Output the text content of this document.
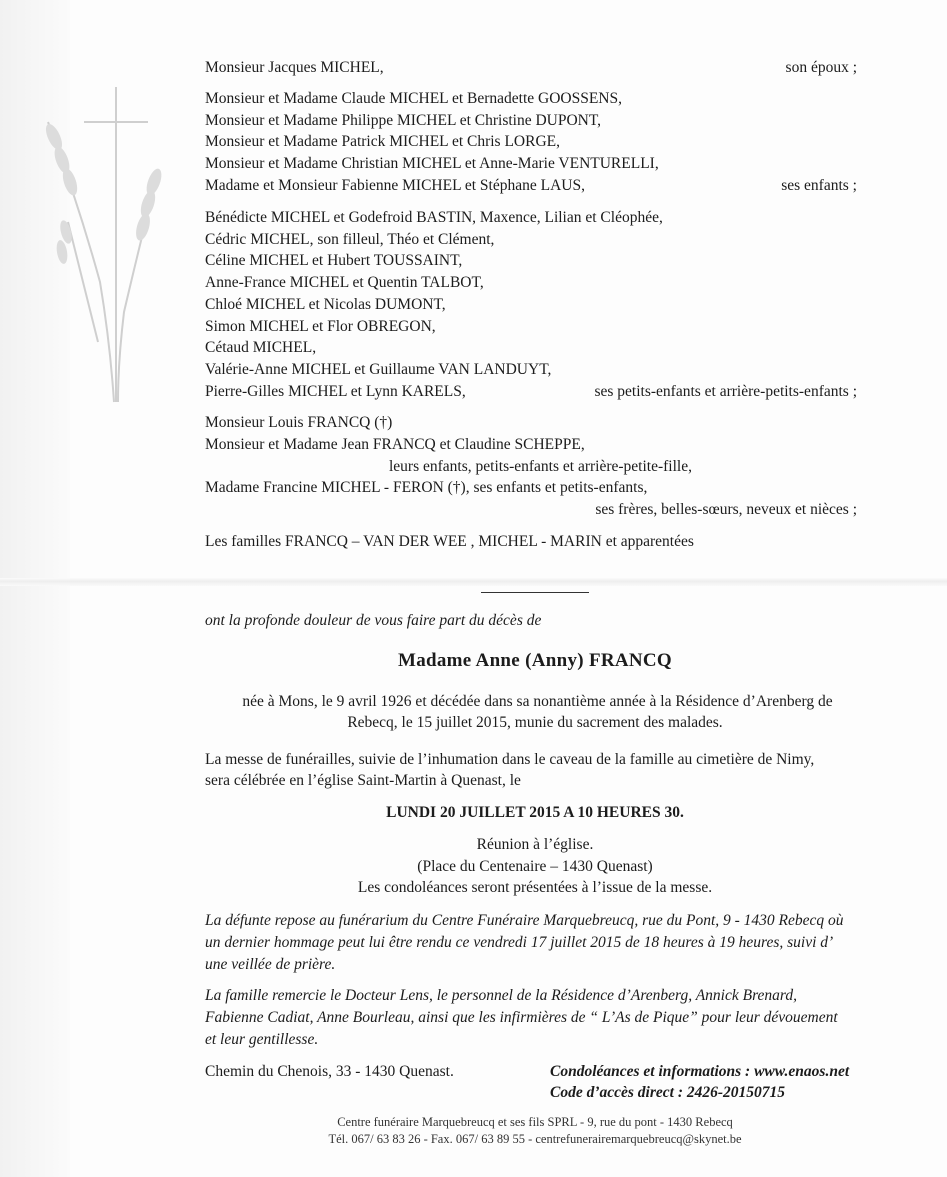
Monsieur Jacques MICHEL,	son époux ;
Monsieur et Madame Claude MICHEL et Bernadette GOOSSENS,
Monsieur et Madame Philippe MICHEL et Christine DUPONT,
Monsieur et Madame Patrick MICHEL et Chris LORGE,
Monsieur et Madame Christian MICHEL et Anne-Marie VENTURELLI,
Madame et Monsieur Fabienne MICHEL et Stéphane LAUS,	ses enfants ;
Bénédicte MICHEL et Godefroid BASTIN, Maxence, Lilian et Cléophée,
Cédric MICHEL, son filleul, Théo et Clément,
Céline MICHEL et Hubert TOUSSAINT,
Anne-France MICHEL et Quentin TALBOT,
Chloé MICHEL et Nicolas DUMONT,
Simon MICHEL et Flor OBREGON,
Cétaud MICHEL,
Valérie-Anne MICHEL et Guillaume VAN LANDUYT,
Pierre-Gilles MICHEL et Lynn KARELS,	ses petits-enfants et arrière-petits-enfants ;
Monsieur Louis FRANCQ (†)
Monsieur et Madame Jean FRANCQ et Claudine SCHEPPE,
leurs enfants, petits-enfants et arrière-petite-fille,
Madame Francine MICHEL - FERON (†), ses enfants et petits-enfants,
ses frères, belles-sœurs, neveux et nièces ;
Les familles FRANCQ – VAN DER WEE , MICHEL - MARIN et apparentées
ont la profonde douleur de vous faire part du décès de
Madame Anne (Anny) FRANCQ
née à Mons, le 9 avril 1926 et décédée dans sa nonantième année à la Résidence d’Arenberg de
Rebecq, le 15 juillet 2015, munie du sacrement des malades.
La messe de funérailles, suivie de l’inhumation dans le caveau de la famille au cimetière de Nimy,
sera célébrée en l’église Saint-Martin à Quenast, le
LUNDI 20 JUILLET 2015 A 10 HEURES 30.
Réunion à l’église.
(Place du Centenaire – 1430 Quenast)
Les condoléances seront présentées à l’issue de la messe.
La défunte repose au funérarium du Centre Funéraire Marquebreucq, rue du Pont, 9 - 1430 Rebecq où
un dernier hommage peut lui être rendu ce vendredi 17 juillet 2015 de 18 heures à 19 heures, suivi d’
une veillée de prière.
La famille remercie le Docteur Lens, le personnel de la Résidence d’Arenberg, Annick Brenard,
Fabienne Cadiat, Anne Bourleau, ainsi que les infirmières de “ L’As de Pique” pour leur dévouement
et leur gentillesse.
Chemin du Chenois, 33 - 1430 Quenast.	Condoléances et informations : www.enaos.net
Code d’accès direct : 2426-20150715
Centre funéraire Marquebreucq et ses fils SPRL - 9, rue du pont - 1430 Rebecq
Tél. 067/ 63 83 26 - Fax. 067/ 63 89 55 - centrefunerairemarquebreucq@skynet.be
